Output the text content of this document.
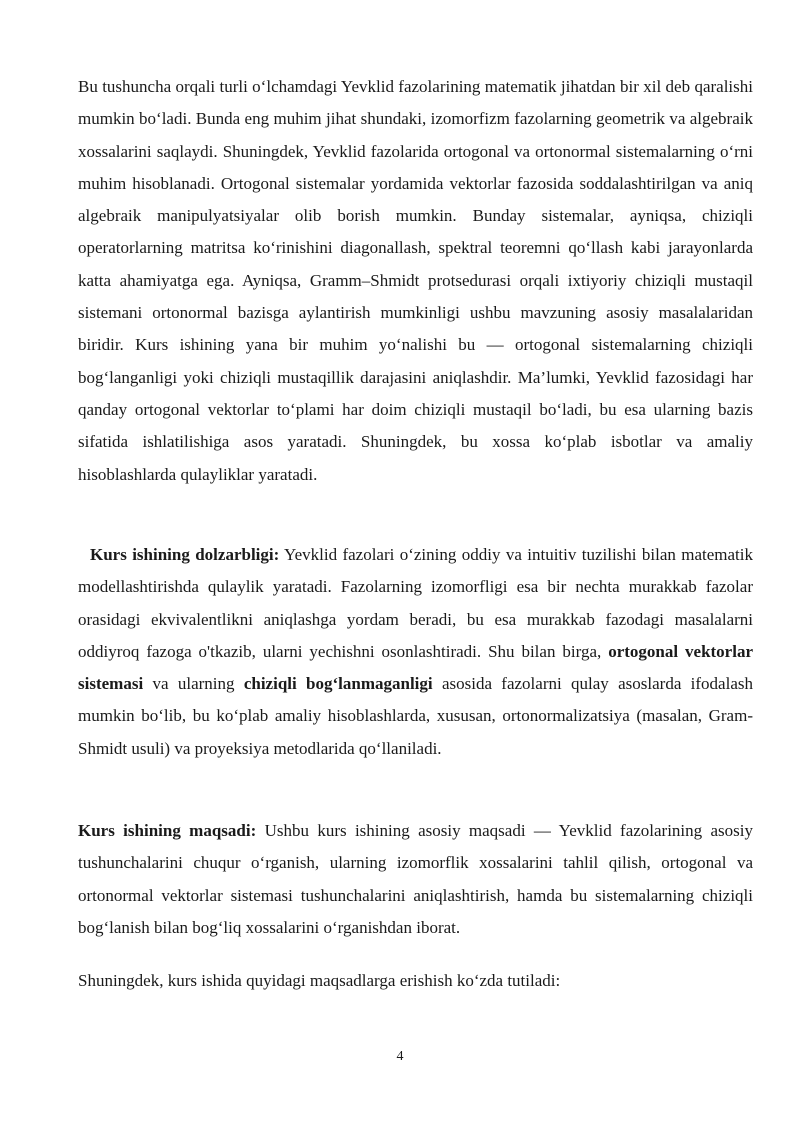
Bu tushuncha orqali turli o‘lchamdagi Yevklid fazolarining matematik jihatdan bir xil deb qaralishi mumkin bo‘ladi. Bunda eng muhim jihat shundaki, izomorfizm fazolarning geometrik va algebraik xossalarini saqlaydi. Shuningdek, Yevklid fazolarida ortogonal va ortonormal sistemalarning o‘rni muhim hisoblanadi. Ortogonal sistemalar yordamida vektorlar fazosida soddalashtirilgan va aniq algebraik manipulyatsiyalar olib borish mumkin. Bunday sistemalar, ayniqsa, chiziqli operatorlarning matritsa ko‘rinishini diagonallash, spektral teoremni qo‘llash kabi jarayonlarda katta ahamiyatga ega. Ayniqsa, Gramm–Shmidt protsedurasi orqali ixtiyoriy chiziqli mustaqil sistemani ortonormal bazisga aylantirish mumkinligi ushbu mavzuning asosiy masalalaridan biridir. Kurs ishining yana bir muhim yo‘nalishi bu — ortogonal sistemalarning chiziqli bog‘langanligi yoki chiziqli mustaqillik darajasini aniqlashdir. Ma’lumki, Yevklid fazosidagi har qanday ortogonal vektorlar to‘plami har doim chiziqli mustaqil bo‘ladi, bu esa ularning bazis sifatida ishlatilishiga asos yaratadi. Shuningdek, bu xossa ko‘plab isbotlar va amaliy hisoblashlarda qulayliklar yaratadi.

Kurs ishining dolzarbligi: Yevklid fazolari o‘zining oddiy va intuitiv tuzilishi bilan matematik modellashtirishda qulaylik yaratadi. Fazolarning izomorfligi esa bir nechta murakkab fazolar orasidagi ekvivalentlikni aniqlashga yordam beradi, bu esa murakkab fazodagi masalalarni oddiyroq fazoga o'tkazib, ularni yechishni osonlashtiradi. Shu bilan birga, ortogonal vektorlar sistemasi va ularning chiziqli bog‘lanmaganligi asosida fazolarni qulay asoslarda ifodalash mumkin bo‘lib, bu ko‘plab amaliy hisoblashlarda, xususan, ortonormalizatsiya (masalan, Gram-Shmidt usuli) va proyeksiya metodlarida qo‘llaniladi.

Kurs ishining maqsadi: Ushbu kurs ishining asosiy maqsadi — Yevklid fazolarining asosiy tushunchalarini chuqur o‘rganish, ularning izomorflik xossalarini tahlil qilish, ortogonal va ortonormal vektorlar sistemasi tushunchalarini aniqlashtirish, hamda bu sistemalarning chiziqli bog‘lanish bilan bog‘liq xossalarini o‘rganishdan iborat.

Shuningdek, kurs ishida quyidagi maqsadlarga erishish ko‘zda tutiladi:

4
